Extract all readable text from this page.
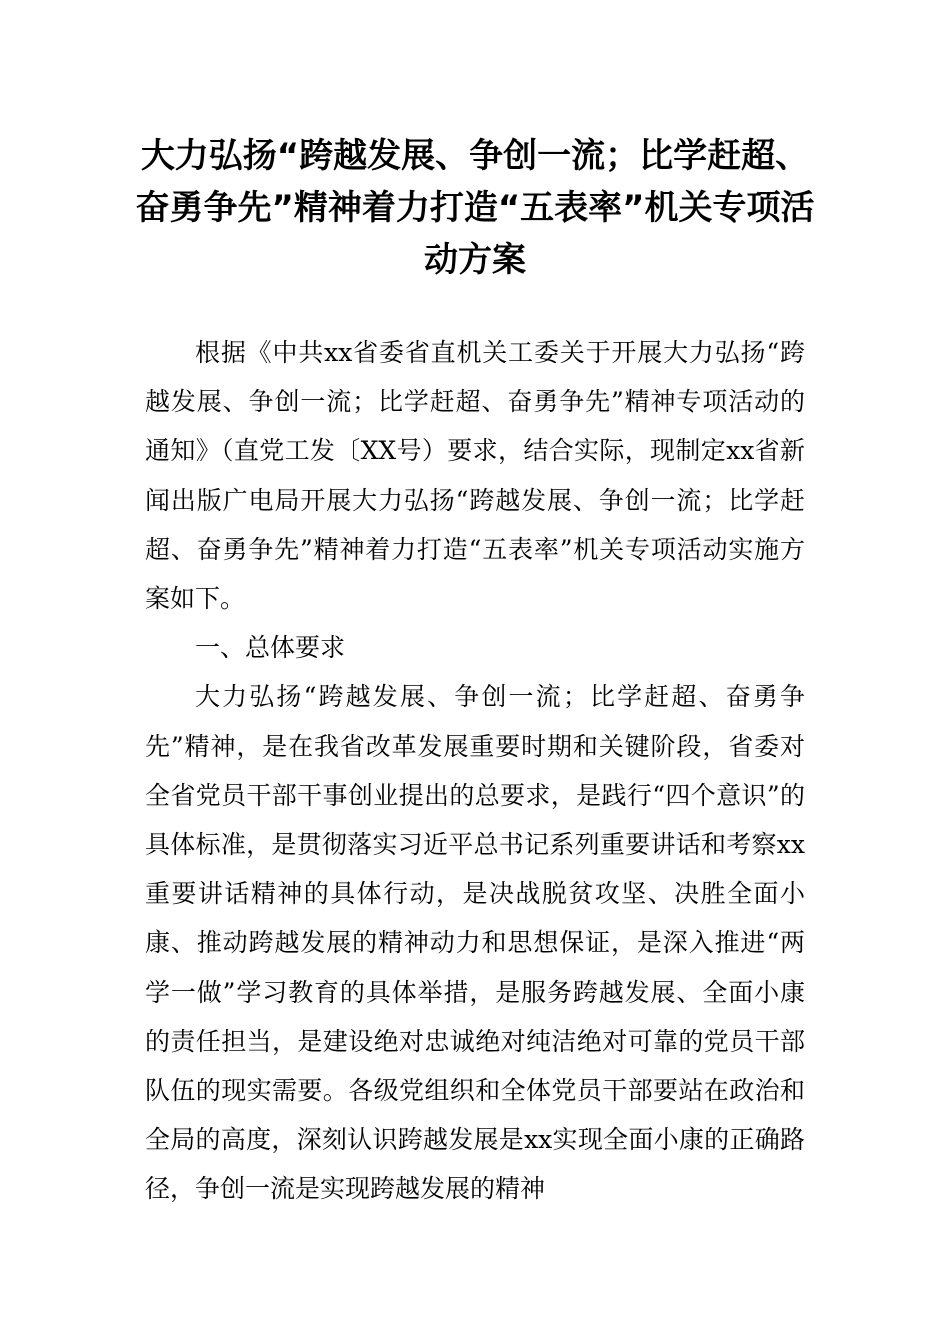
大力弘扬“跨越发展、争创一流；比学赶超、奋勇争先”精神着力打造“五表率”机关专项活动方案

根据《中共xx省委省直机关工委关于开展大力弘扬“跨越发展、争创一流；比学赶超、奋勇争先”精神专项活动的通知》（直党工发〔XX号）要求，结合实际，现制定xx省新闻出版广电局开展大力弘扬“跨越发展、争创一流；比学赶超、奋勇争先”精神着力打造“五表率”机关专项活动实施方案如下。

一、总体要求

大力弘扬“跨越发展、争创一流；比学赶超、奋勇争先”精神，是在我省改革发展重要时期和关键阶段，省委对全省党员干部干事创业提出的总要求，是践行“四个意识”的具体标准，是贯彻落实习近平总书记系列重要讲话和考察xx重要讲话精神的具体行动，是决战脱贫攻坚、决胜全面小康、推动跨越发展的精神动力和思想保证，是深入推进“两学一做”学习教育的具体举措，是服务跨越发展、全面小康的责任担当，是建设绝对忠诚绝对纯洁绝对可靠的党员干部队伍的现实需要。各级党组织和全体党员干部要站在政治和全局的高度，深刻认识跨越发展是xx实现全面小康的正确路径，争创一流是实现跨越发展的精神
